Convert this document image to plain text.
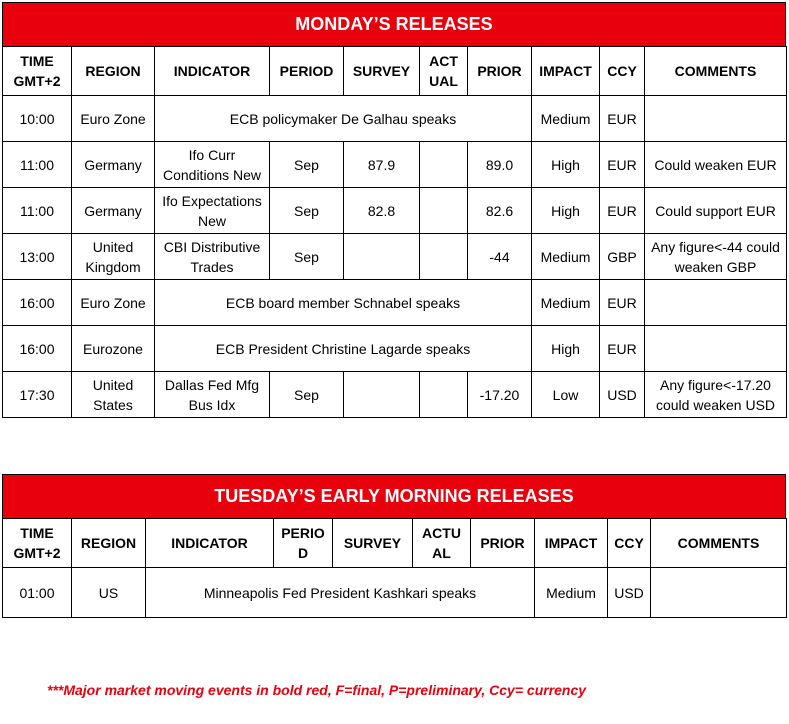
MONDAY’S RELEASES
TIME GMT+2	REGION	INDICATOR	PERIOD	SURVEY	ACT UAL	PRIOR	IMPACT	CCY	COMMENTS
10:00	Euro Zone	ECB policymaker De Galhau speaks					Medium	EUR	
11:00	Germany	Ifo Curr Conditions New	Sep	87.9		89.0	High	EUR	Could weaken EUR
11:00	Germany	Ifo Expectations New	Sep	82.8		82.6	High	EUR	Could support EUR
13:00	United Kingdom	CBI Distributive Trades	Sep			-44	Medium	GBP	Any figure<-44 could weaken GBP
16:00	Euro Zone	ECB board member Schnabel speaks					Medium	EUR	
16:00	Eurozone	ECB President Christine Lagarde speaks					High	EUR	
17:30	United States	Dallas Fed Mfg Bus Idx	Sep			-17.20	Low	USD	Any figure<-17.20 could weaken USD
TUESDAY’S EARLY MORNING RELEASES
TIME GMT+2	REGION	INDICATOR	PERIO D	SURVEY	ACTU AL	PRIOR	IMPACT	CCY	COMMENTS
01:00	US	Minneapolis Fed President Kashkari speaks					Medium	USD	
***Major market moving events in bold red, F=final, P=preliminary, Ccy= currency
